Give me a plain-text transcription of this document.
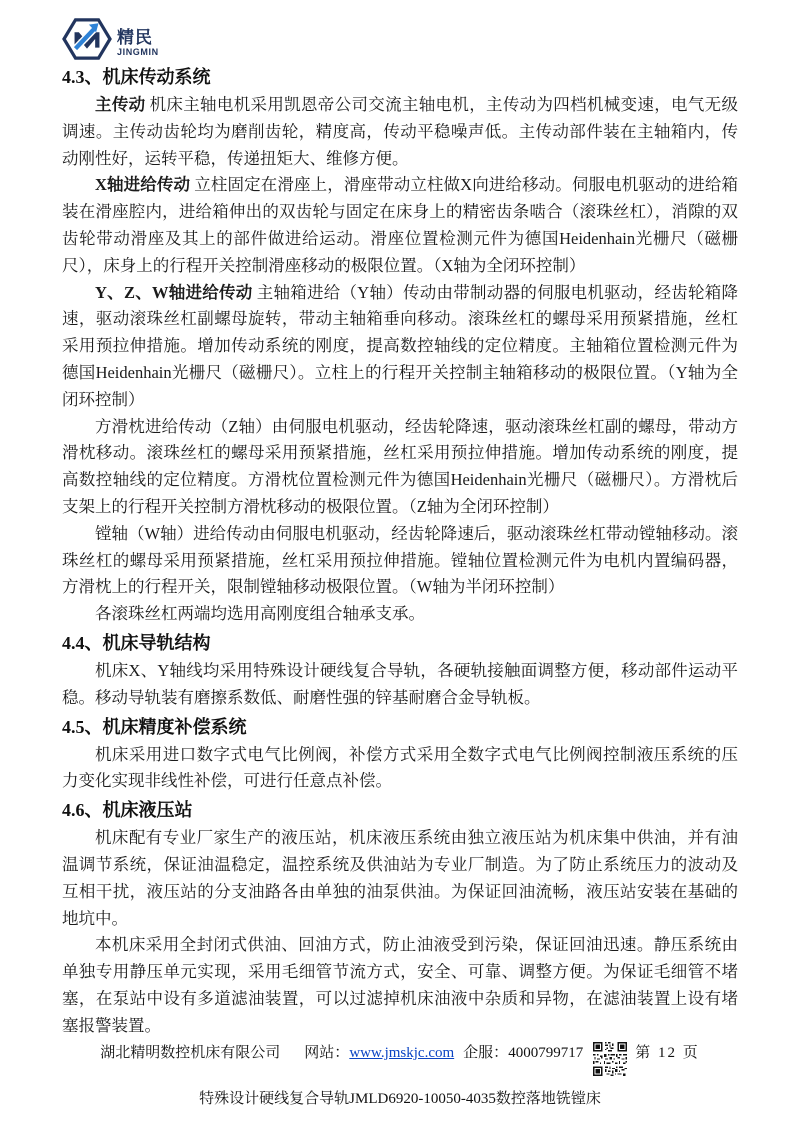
精民
JINGMIN
4.3、机床传动系统

主传动 机床主轴电机采用凯恩帝公司交流主轴电机，主传动为四档机械变速，电气无级调速。主传动齿轮均为磨削齿轮，精度高，传动平稳噪声低。主传动部件装在主轴箱内，传动刚性好，运转平稳，传递扭矩大、维修方便。

X轴进给传动 立柱固定在滑座上，滑座带动立柱做X向进给移动。伺服电机驱动的进给箱装在滑座腔内，进给箱伸出的双齿轮与固定在床身上的精密齿条啮合（滚珠丝杠），消隙的双齿轮带动滑座及其上的部件做进给运动。滑座位置检测元件为德国Heidenhain光栅尺（磁栅尺），床身上的行程开关控制滑座移动的极限位置。（X轴为全闭环控制）

Y、Z、W轴进给传动 主轴箱进给（Y轴）传动由带制动器的伺服电机驱动，经齿轮箱降速，驱动滚珠丝杠副螺母旋转，带动主轴箱垂向移动。滚珠丝杠的螺母采用预紧措施，丝杠采用预拉伸措施。增加传动系统的刚度，提高数控轴线的定位精度。主轴箱位置检测元件为德国Heidenhain光栅尺（磁栅尺）。立柱上的行程开关控制主轴箱移动的极限位置。（Y轴为全闭环控制）

方滑枕进给传动（Z轴）由伺服电机驱动，经齿轮降速，驱动滚珠丝杠副的螺母，带动方滑枕移动。滚珠丝杠的螺母采用预紧措施，丝杠采用预拉伸措施。增加传动系统的刚度，提高数控轴线的定位精度。方滑枕位置检测元件为德国Heidenhain光栅尺（磁栅尺）。方滑枕后支架上的行程开关控制方滑枕移动的极限位置。（Z轴为全闭环控制）

镗轴（W轴）进给传动由伺服电机驱动，经齿轮降速后，驱动滚珠丝杠带动镗轴移动。滚珠丝杠的螺母采用预紧措施，丝杠采用预拉伸措施。镗轴位置检测元件为电机内置编码器，方滑枕上的行程开关，限制镗轴移动极限位置。（W轴为半闭环控制）

各滚珠丝杠两端均选用高刚度组合轴承支承。

4.4、机床导轨结构

机床X、Y轴线均采用特殊设计硬线复合导轨，各硬轨接触面调整方便，移动部件运动平稳。移动导轨装有磨擦系数低、耐磨性强的锌基耐磨合金导轨板。

4.5、机床精度补偿系统

机床采用进口数字式电气比例阀，补偿方式采用全数字式电气比例阀控制液压系统的压力变化实现非线性补偿，可进行任意点补偿。

4.6、机床液压站

机床配有专业厂家生产的液压站，机床液压系统由独立液压站为机床集中供油，并有油温调节系统，保证油温稳定，温控系统及供油站为专业厂制造。为了防止系统压力的波动及互相干扰，液压站的分支油路各由单独的油泵供油。为保证回油流畅，液压站安装在基础的地坑中。

本机床采用全封闭式供油、回油方式，防止油液受到污染，保证回油迅速。静压系统由单独专用静压单元实现，采用毛细管节流方式，安全、可靠、调整方便。为保证毛细管不堵塞，在泵站中设有多道滤油装置，可以过滤掉机床油液中杂质和异物，在滤油装置上设有堵塞报警装置。

湖北精明数控机床有限公司 网站：www.jmskjc.com 企服：4000799717	第 12 页
特殊设计硬线复合导轨JMLD6920-10050-4035数控落地铣镗床
